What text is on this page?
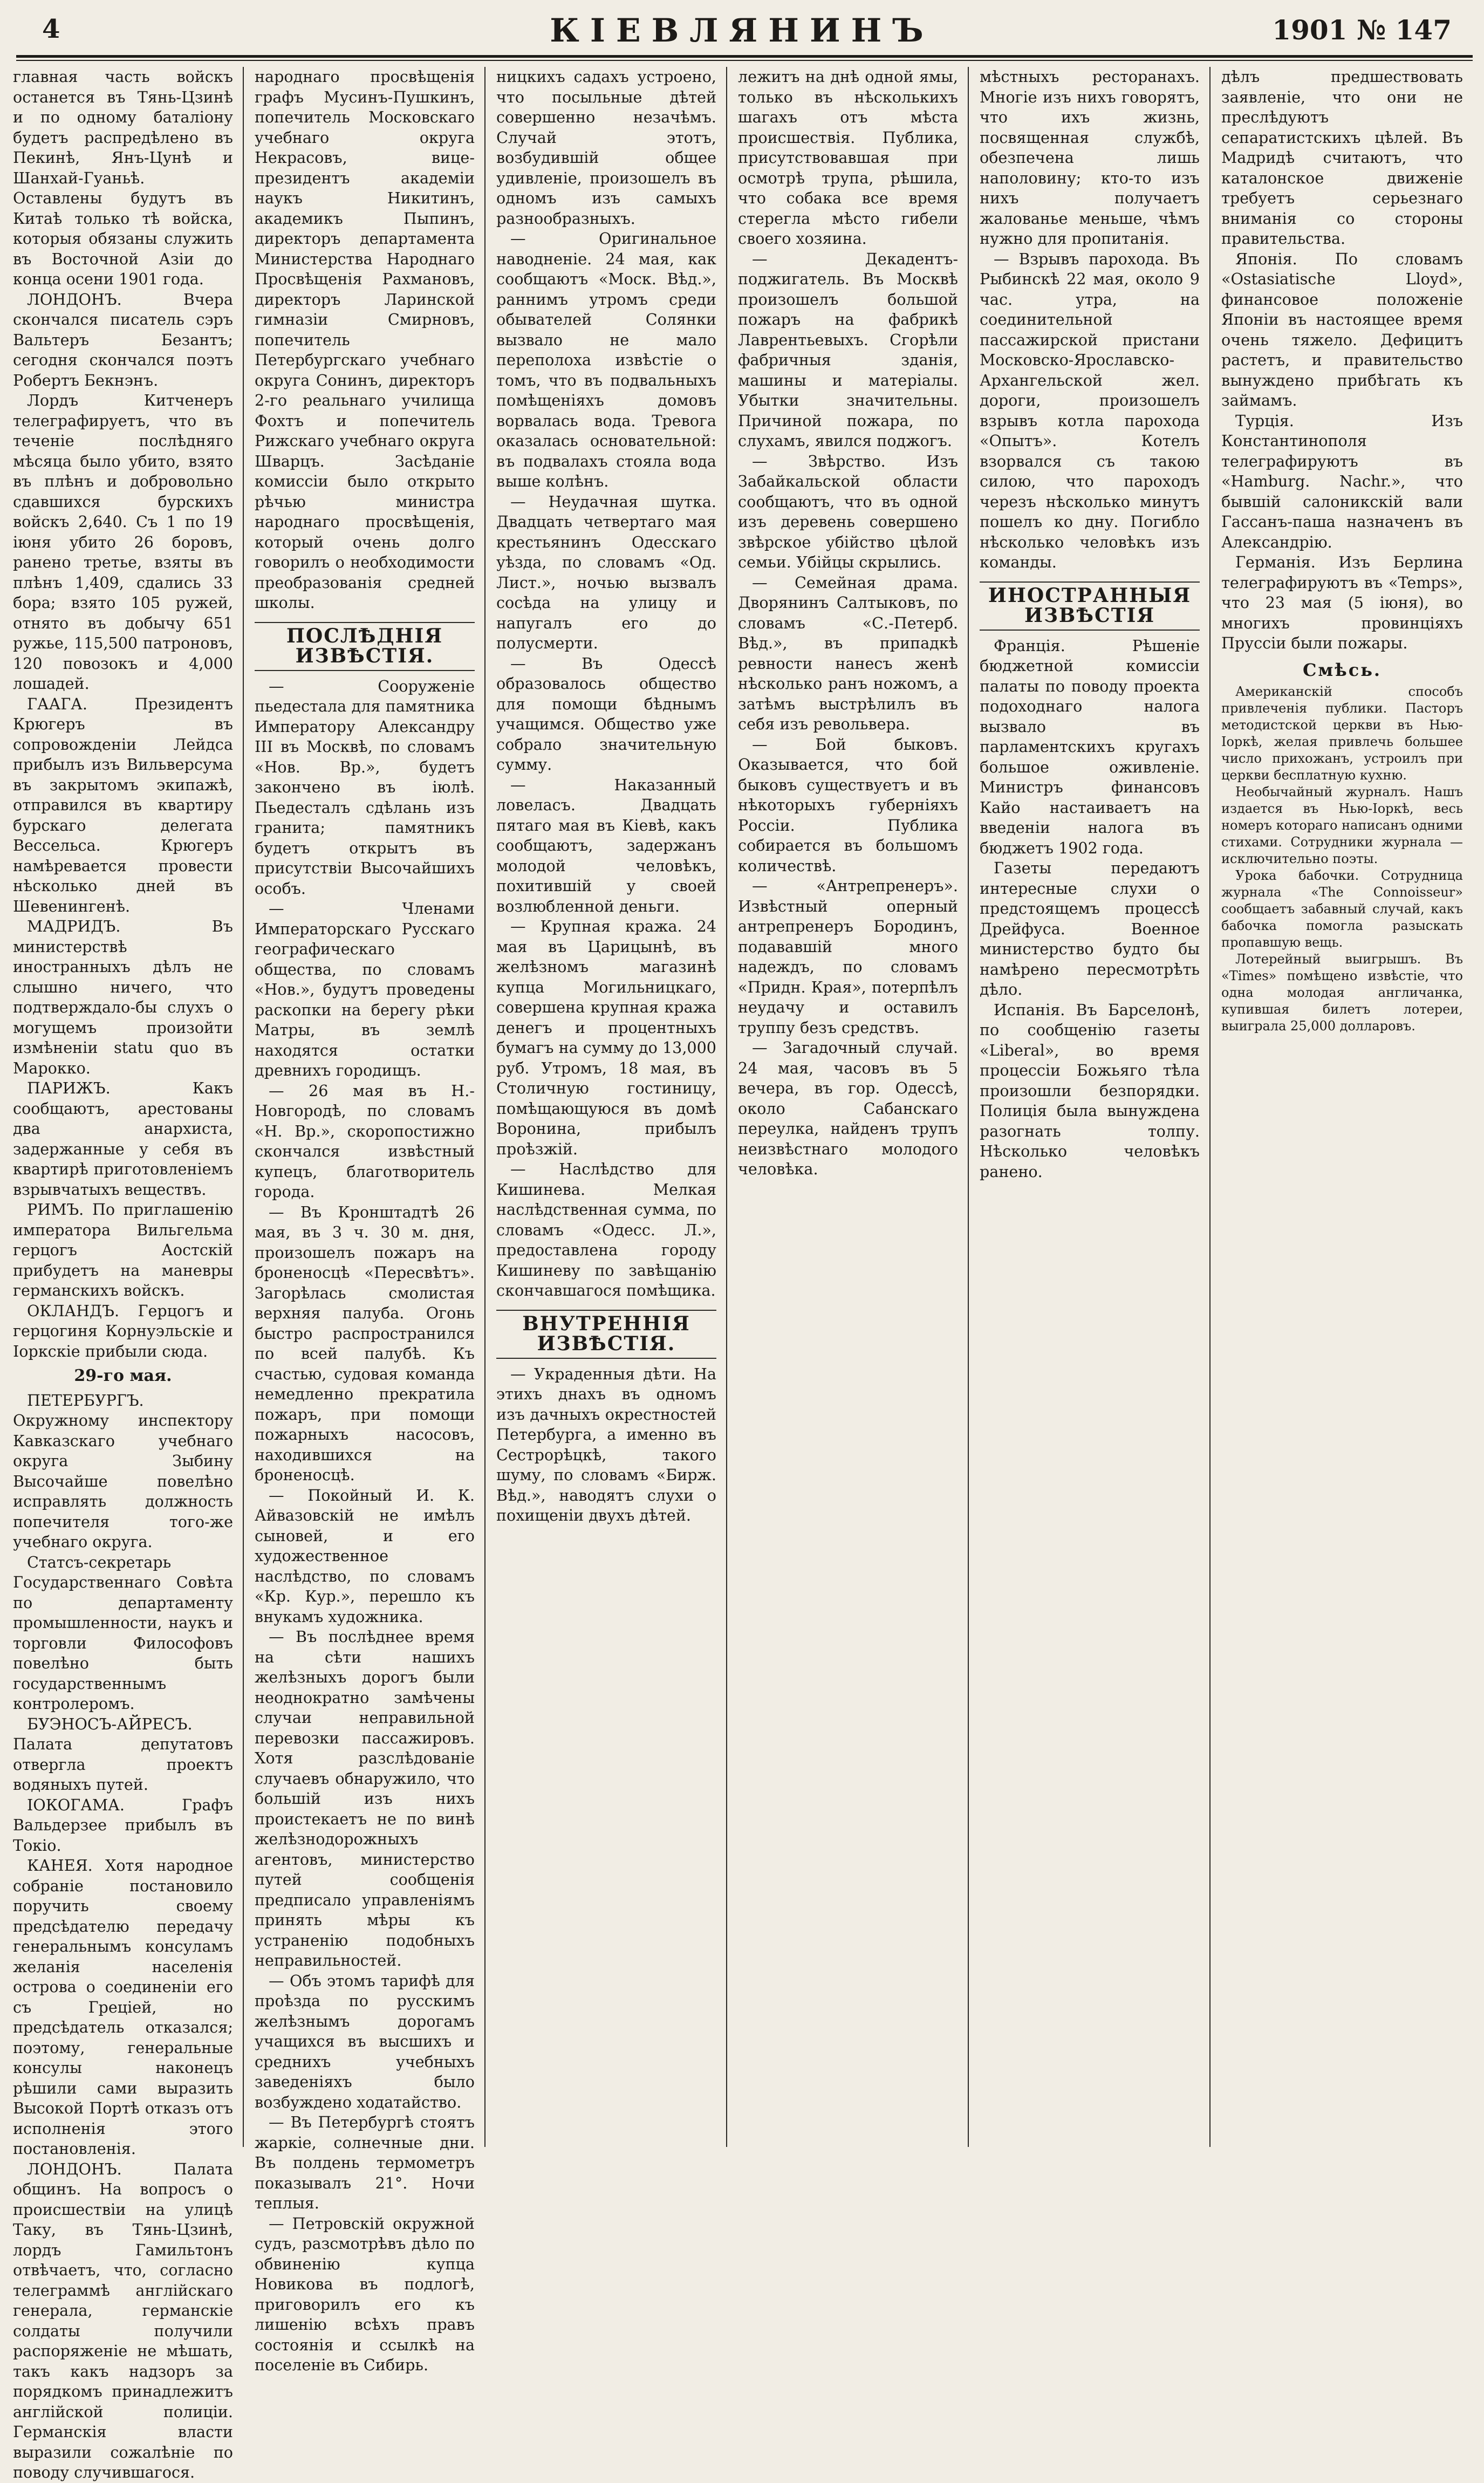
4	КІЕВЛЯНИНЪ	1901 № 147

главная часть войскъ останется въ Тянь-Цзинѣ и по одному баталіону будетъ распредѣлено въ Пекинѣ, Янъ-Цунѣ и Шанхай-Гуаньѣ. Оставлены будутъ въ Китаѣ только тѣ войска, которыя обязаны служить въ Восточной Азіи до конца осени 1901 года.

ЛОНДОНЪ. Вчера скончался писатель сэръ Вальтеръ Безантъ; сегодня скончался поэтъ Робертъ Бекнэнъ.

Лордъ Китченеръ телеграфируетъ, что въ теченіе послѣдняго мѣсяца было убито, взято въ плѣнъ и добровольно сдавшихся бурскихъ войскъ 2,640. Съ 1 по 19 іюня убито 26 боровъ, ранено третье, взяты въ плѣнъ 1,409, сдались 33 бора; взято 105 ружей, отнято въ добычу 651 ружье, 115,500 патроновъ, 120 повозокъ и 4,000 лошадей.

ГААГА. Президентъ Крюгеръ въ сопровожденіи Лейдса прибылъ изъ Вильверсума въ закрытомъ экипажѣ, отправился въ квартиру бурскаго делегата Вессельса. Крюгеръ намѣревается провести нѣсколько дней въ Шевенингенѣ.

МАДРИДЪ. Въ министерствѣ иностранныхъ дѣлъ не слышно ничего, что подтверждало-бы слухъ о могущемъ произойти измѣненіи statu quo въ Марокко.

ПАРИЖЪ. Какъ сообщаютъ, арестованы два анархиста, задержанные у себя въ квартирѣ приготовленіемъ взрывчатыхъ веществъ.

РИМЪ. По приглашенію императора Вильгельма герцогъ Аостскій прибудетъ на маневры германскихъ войскъ.

ОКЛАНДЪ. Герцогъ и герцогиня Корнуэльскіе и Іоркскіе прибыли сюда.

29-го мая.

ПЕТЕРБУРГЪ. Окружному инспектору Кавказскаго учебнаго округа Зыбину Высочайше повелѣно исправлять должность попечителя того-же учебнаго округа.

Статсъ-секретарь Государственнаго Совѣта по департаменту промышленности, наукъ и торговли Философовъ повелѣно быть государственнымъ контролеромъ.

БУЭНОСЪ-АЙРЕСЪ. Палата депутатовъ отвергла проектъ водяныхъ путей.

ІОКОГАМА. Графъ Вальдерзее прибылъ въ Токіо.

КАНЕЯ. Хотя народное собраніе постановило поручить своему предсѣдателю передачу генеральнымъ консуламъ желанія населенія острова о соединеніи его съ Греціей, но предсѣдатель отказался; поэтому, генеральные консулы наконецъ рѣшили сами выразить Высокой Портѣ отказъ отъ исполненія этого постановленія.

ЛОНДОНЪ. Палата общинъ. На вопросъ о происшествіи на улицѣ Таку, въ Тянь-Цзинѣ, лордъ Гамильтонъ отвѣчаетъ, что, согласно телеграммѣ англійскаго генерала, германскіе солдаты получили распоряженіе не мѣшать, такъ какъ надзоръ за порядкомъ принадлежитъ англійской полиціи. Германскія власти выразили сожалѣніе по поводу случившагося.

народнаго просвѣщенія графъ Мусинъ-Пушкинъ, попечитель Московскаго учебнаго округа Некрасовъ, вице-президентъ академіи наукъ Никитинъ, академикъ Пыпинъ, директоръ департамента Министерства Народнаго Просвѣщенія Рахмановъ, директоръ Ларинской гимназіи Смирновъ, попечитель Петербургскаго учебнаго округа Сонинъ, директоръ 2-го реальнаго училища Фохтъ и попечитель Рижскаго учебнаго округа Шварцъ. Засѣданіе комиссіи было открыто рѣчью министра народнаго просвѣщенія, который очень долго говорилъ о необходимости преобразованія средней школы.

ПОСЛѢДНІЯ ИЗВѢСТІЯ.

— Сооруженіе пьедестала для памятника Императору Александру III въ Москвѣ, по словамъ «Нов. Вр.», будетъ закончено въ іюлѣ. Пьедесталъ сдѣлань изъ гранита; памятникъ будетъ открытъ въ присутствіи Высочайшихъ особъ.

— Членами Императорскаго Русскаго географическаго общества, по словамъ «Нов.», будутъ проведены раскопки на берегу рѣки Матры, въ землѣ находятся остатки древнихъ городищъ.

— 26 мая въ Н.-Новгородѣ, по словамъ «Н. Вр.», скоропостижно скончался извѣстный купецъ, благотворитель города.

— Въ Кронштадтѣ 26 мая, въ 3 ч. 30 м. дня, произошелъ пожаръ на броненосцѣ «Пересвѣтъ». Загорѣлась смолистая верхняя палуба. Огонь быстро распространился по всей палубѣ. Къ счастью, судовая команда немедленно прекратила пожаръ, при помощи пожарныхъ насосовъ, находившихся на броненосцѣ.

— Покойный И. К. Айвазовскій не имѣлъ сыновей, и его художественное наслѣдство, по словамъ «Кр. Кур.», перешло къ внукамъ художника.

— Въ послѣднее время на сѣти нашихъ желѣзныхъ дорогъ были неоднократно замѣчены случаи неправильной перевозки пассажировъ. Хотя разслѣдованіе случаевъ обнаружило, что большій изъ нихъ проистекаетъ не по винѣ желѣзнодорожныхъ агентовъ, министерство путей сообщенія предписало управленіямъ принять мѣры къ устраненію подобныхъ неправильностей.

— Объ этомъ тарифѣ для проѣзда по русскимъ желѣзнымъ дорогамъ учащихся въ высшихъ и среднихъ учебныхъ заведеніяхъ было возбуждено ходатайство.

— Въ Петербургѣ стоятъ жаркіе, солнечные дни. Въ полдень термометръ показывалъ 21°. Ночи теплыя.

— Петровскій окружной судъ, разсмотрѣвъ дѣло по обвиненію купца Новикова въ подлогѣ, приговорилъ его къ лишенію всѣхъ правъ состоянія и ссылкѣ на поселеніе въ Сибирь.

ницкихъ садахъ устроено, что посыльные дѣтей совершенно незачѣмъ. Случай этотъ, возбудившій общее удивленіе, произошелъ въ одномъ изъ самыхъ разнообразныхъ.

— Оригинальное наводненіе. 24 мая, как сообщаютъ «Моск. Вѣд.», раннимъ утромъ среди обывателей Солянки вызвало не мало переполоха извѣстіе о томъ, что въ подвальныхъ помѣщеніяхъ домовъ ворвалась вода. Тревога оказалась основательной: въ подвалахъ стояла вода выше колѣнъ.

— Неудачная шутка. Двадцать четвертаго мая крестьянинъ Одесскаго уѣзда, по словамъ «Од. Лист.», ночью вызвалъ сосѣда на улицу и напугалъ его до полусмерти.

— Въ Одессѣ образовалось общество для помощи бѣднымъ учащимся. Общество уже собрало значительную сумму.

— Наказанный ловеласъ. Двадцать пятаго мая въ Кіевѣ, какъ сообщаютъ, задержанъ молодой человѣкъ, похитившій у своей возлюбленной деньги.

— Крупная кража. 24 мая въ Царицынѣ, въ желѣзномъ магазинѣ купца Могильницкаго, совершена крупная кража денегъ и процентныхъ бумагъ на сумму до 13,000 руб. Утромъ, 18 мая, въ Столичную гостиницу, помѣщающуюся въ домѣ Воронина, прибылъ проѣзжій.

— Наслѣдство для Кишинева. Мелкая наслѣдственная сумма, по словамъ «Одесс. Л.», предоставлена городу Кишиневу по завѣщанію скончавшагося помѣщика.

ВНУТРЕННІЯ ИЗВѢСТІЯ.

— Украденныя дѣти. На этихъ днахъ въ одномъ изъ дачныхъ окрестностей Петербурга, а именно въ Сестрорѣцкѣ, такого шуму, по словамъ «Бирж. Вѣд.», наводятъ слухи о похищеніи двухъ дѣтей.

лежитъ на днѣ одной ямы, только въ нѣсколькихъ шагахъ отъ мѣста происшествія. Публика, присутствовавшая при осмотрѣ трупа, рѣшила, что собака все время стерегла мѣсто гибели своего хозяина.

— Декадентъ-поджигатель. Въ Москвѣ произошелъ большой пожаръ на фабрикѣ Лаврентьевыхъ. Сгорѣли фабричныя зданія, машины и матеріалы. Убытки значительны. Причиной пожара, по слухамъ, явился поджогъ.

— Звѣрство. Изъ Забайкальской области сообщаютъ, что въ одной изъ деревень совершено звѣрское убійство цѣлой семьи. Убійцы скрылись.

— Семейная драма. Дворянинъ Салтыковъ, по словамъ «С.-Петерб. Вѣд.», въ припадкѣ ревности нанесъ женѣ нѣсколько ранъ ножомъ, а затѣмъ выстрѣлилъ въ себя изъ револьвера.

— Бой быковъ. Оказывается, что бой быковъ существуетъ и въ нѣкоторыхъ губерніяхъ Россіи. Публика собирается въ большомъ количествѣ.

— «Антрепренеръ». Извѣстный оперный антрепренеръ Бородинъ, подававшій много надеждъ, по словамъ «Придн. Края», потерпѣлъ неудачу и оставилъ труппу безъ средствъ.

— Загадочный случай. 24 мая, часовъ въ 5 вечера, въ гор. Одессѣ, около Сабанскаго переулка, найденъ трупъ неизвѣстнаго молодого человѣка.

мѣстныхъ ресторанахъ. Многіе изъ нихъ говорятъ, что ихъ жизнь, посвященная службѣ, обезпечена лишь наполовину; кто-то изъ нихъ получаетъ жалованье меньше, чѣмъ нужно для пропитанія.

— Взрывъ парохода. Въ Рыбинскѣ 22 мая, около 9 час. утра, на соединительной пассажирской пристани Московско-Ярославско-Архангельской жел. дороги, произошелъ взрывъ котла парохода «Опытъ». Котелъ взорвался съ такою силою, что пароходъ черезъ нѣсколько минутъ пошелъ ко дну. Погибло нѣсколько человѣкъ изъ команды.

ИНОСТРАННЫЯ ИЗВѢСТІЯ

Франція. Рѣшеніе бюджетной комиссіи палаты по поводу проекта подоходнаго налога вызвало въ парламентскихъ кругахъ большое оживленіе. Министръ финансовъ Кайо настаиваетъ на введеніи налога въ бюджетъ 1902 года.

Газеты передаютъ интересные слухи о предстоящемъ процессѣ Дрейфуса. Военное министерство будто бы намѣрено пересмотрѣть дѣло.

Испанія. Въ Барселонѣ, по сообщенію газеты «Liberal», во время процессіи Божьяго тѣла произошли безпорядки. Полиція была вынуждена разогнать толпу. Нѣсколько человѣкъ ранено.

дѣлъ предшествовать заявленіе, что они не преслѣдуютъ сепаратистскихъ цѣлей. Въ Мадридѣ считаютъ, что каталонское движеніе требуетъ серьезнаго вниманія со стороны правительства.

Японія. По словамъ «Ostasiatische Lloyd», финансовое положеніе Японіи въ настоящее время очень тяжело. Дефицитъ растетъ, и правительство вынуждено прибѣгать къ займамъ.

Турція. Изъ Константинополя телеграфируютъ въ «Hamburg. Nachr.», что бывшій салоникскій вали Гассанъ-паша назначенъ въ Александрію.

Германія. Изъ Берлина телеграфируютъ въ «Temps», что 23 мая (5 іюня), во многихъ провинціяхъ Пруссіи были пожары.

Смѣсь.

Американскій способъ привлеченія публики. Пасторъ методистской церкви въ Нью-Іоркѣ, желая привлечь большее число прихожанъ, устроилъ при церкви бесплатную кухню.

Необычайный журналъ. Нашъ издается въ Нью-Іоркѣ, весь номеръ котораго написанъ одними стихами. Сотрудники журнала — исключительно поэты.

Урока бабочки. Сотрудница журнала «The Connoisseur» сообщаетъ забавный случай, какъ бабочка помогла разыскать пропавшую вещь.

Лотерейный выигрышъ. Въ «Times» помѣщено извѣстіе, что одна молодая англичанка, купившая билетъ лотереи, выиграла 25,000 долларовъ.
